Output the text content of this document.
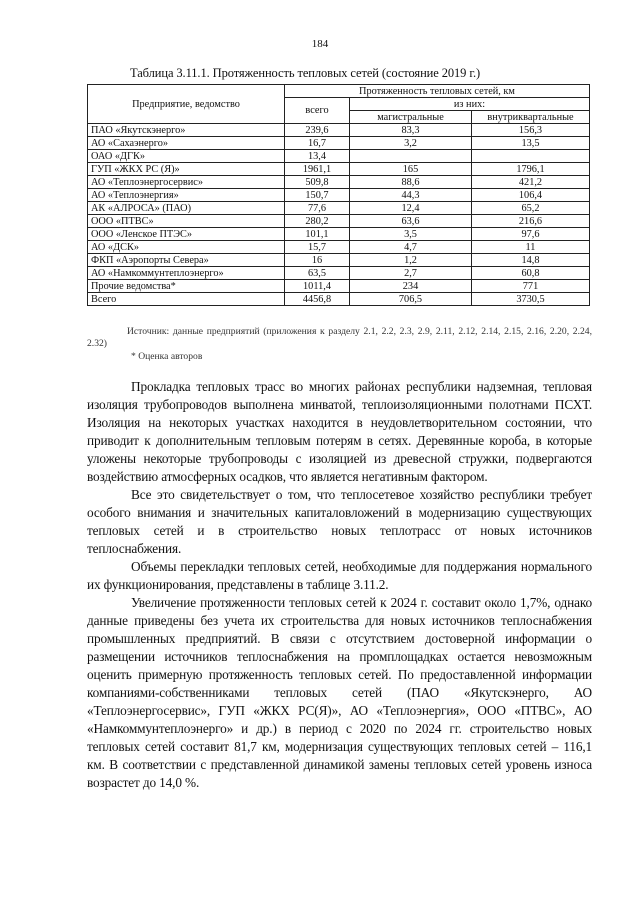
184
Таблица 3.11.1. Протяженность тепловых сетей (состояние 2019 г.)
Предприятие, ведомство	Протяженность тепловых сетей, км		
	всего	из них:	
		магистральные	внутриквартальные
ПАО «Якутскэнерго»	239,6	83,3	156,3
АО «Сахаэнерго»	16,7	3,2	13,5
ОАО «ДГК»	13,4		
ГУП «ЖКХ РС (Я)»	1961,1	165	1796,1
АО «Теплоэнергосервис»	509,8	88,6	421,2
АО «Теплоэнергия»	150,7	44,3	106,4
АК «АЛРОСА» (ПАО)	77,6	12,4	65,2
ООО «ПТВС»	280,2	63,6	216,6
ООО «Ленское ПТЭС»	101,1	3,5	97,6
АО «ДСК»	15,7	4,7	11
ФКП «Аэропорты Севера»	16	1,2	14,8
АО «Намкоммунтеплоэнерго»	63,5	2,7	60,8
Прочие ведомства*	1011,4	234	771
Всего	4456,8	706,5	3730,5
Источник: данные предприятий (приложения к разделу 2.1, 2.2, 2.3, 2.9, 2.11, 2.12, 2.14, 2.15, 2.16, 2.20, 2.24, 2.32)
* Оценка авторов

Прокладка тепловых трасс во многих районах республики надземная, тепловая изоляция трубопроводов выполнена минватой, теплоизоляционными полотнами ПСХТ. Изоляция на некоторых участках находится в неудовлетворительном состоянии, что приводит к дополнительным тепловым потерям в сетях. Деревянные короба, в которые уложены некоторые трубопроводы с изоляцией из древесной стружки, подвергаются воздействию атмосферных осадков, что является негативным фактором.

Все это свидетельствует о том, что теплосетевое хозяйство республики требует особого внимания и значительных капиталовложений в модернизацию существующих тепловых сетей и в строительство новых теплотрасс от новых источников теплоснабжения.

Объемы перекладки тепловых сетей, необходимые для поддержания нормального их функционирования, представлены в таблице 3.11.2.

Увеличение протяженности тепловых сетей к 2024 г. составит около 1,7%, однако данные приведены без учета их строительства для новых источников теплоснабжения промышленных предприятий. В связи с отсутствием достоверной информации о размещении источников теплоснабжения на промплощадках остается невозможным оценить примерную протяженность тепловых сетей. По предоставленной информации компаниями-собственниками тепловых сетей (ПАО «Якутскэнерго, АО «Теплоэнергосервис», ГУП «ЖКХ РС(Я)», АО «Теплоэнергия», ООО «ПТВС», АО «Намкоммунтеплоэнерго» и др.) в период с 2020 по 2024 гг. строительство новых тепловых сетей составит 81,7 км, модернизация существующих тепловых сетей – 116,1 км. В соответствии с представленной динамикой замены тепловых сетей уровень износа возрастет до 14,0 %.
